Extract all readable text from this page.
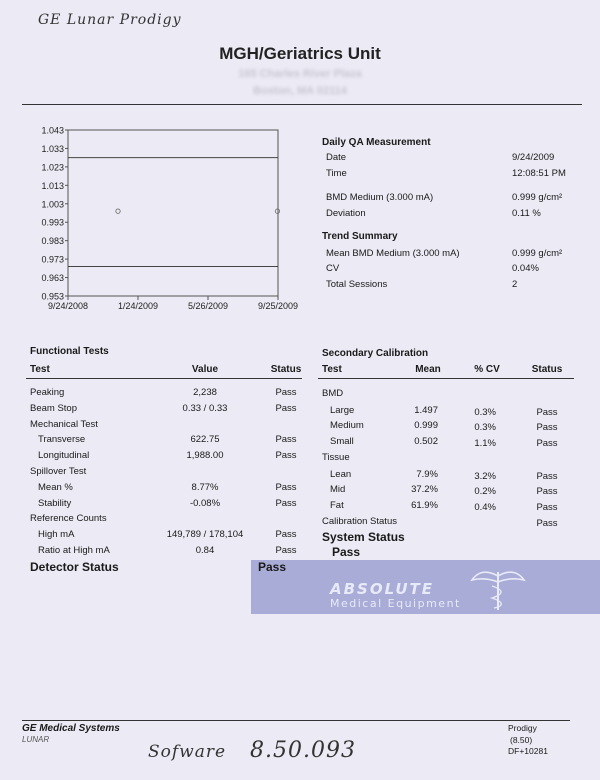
GE Lunar Prodigy
MGH/Geriatrics Unit
165 Charles River Plaza
Boston, MA 02114
1.043
1.033
1.023
1.013
1.003
0.993
0.983
0.973
0.963
0.953
9/24/2008	1/24/2009	5/26/2009	9/25/2009
Daily QA Measurement
Date	9/24/2009
Time	12:08:51 PM
BMD Medium (3.000 mA)	0.999 g/cm²
Deviation	0.11 %
Trend Summary
Mean BMD Medium (3.000 mA)	0.999 g/cm²
CV	0.04%
Total Sessions	2
Functional Tests
Test	Value	Status
Peaking	2,238	Pass
Beam Stop	0.33 / 0.33	Pass
Mechanical Test
Transverse	622.75	Pass
Longitudinal	1,988.00	Pass
Spillover Test
Mean %	8.77%	Pass
Stability	-0.08%	Pass
Reference Counts
High mA	149,789 / 178,104	Pass
Ratio at High mA	0.84	Pass
Detector Status	Pass
ABSOLUTE
Medical Equipment
Secondary Calibration
Test	Mean	% CV	Status
BMD
Large	1.497	0.3%	Pass
Medium	0.999	0.3%	Pass
Small	0.502	1.1%	Pass
Tissue
Lean	7.9%	3.2%	Pass
Mid	37.2%	0.2%	Pass
Fat	61.9%	0.4%	Pass
Calibration Status	Pass
System Status
Pass
GE Medical Systems
LUNAR
Prodigy
(8.50)
DF+10281
Sofware 8.50.093
